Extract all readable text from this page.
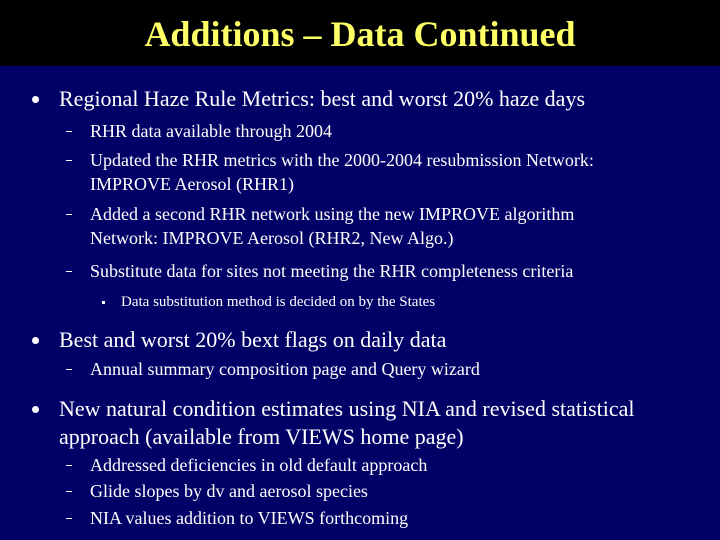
Additions – Data Continued
Regional Haze Rule Metrics: best and worst 20% haze days
RHR data available through 2004
Updated the RHR metrics with the 2000-2004 resubmission Network:
IMPROVE Aerosol (RHR1)
Added a second RHR network using the new IMPROVE algorithm
Network: IMPROVE Aerosol (RHR2, New Algo.)
Substitute data for sites not meeting the RHR completeness criteria
Data substitution method is decided on by the States
Best and worst 20% bext flags on daily data
Annual summary composition page and Query wizard
New natural condition estimates using NIA and revised statistical
approach (available from VIEWS home page)
Addressed deficiencies in old default approach
Glide slopes by dv and aerosol species
NIA values addition to VIEWS forthcoming
